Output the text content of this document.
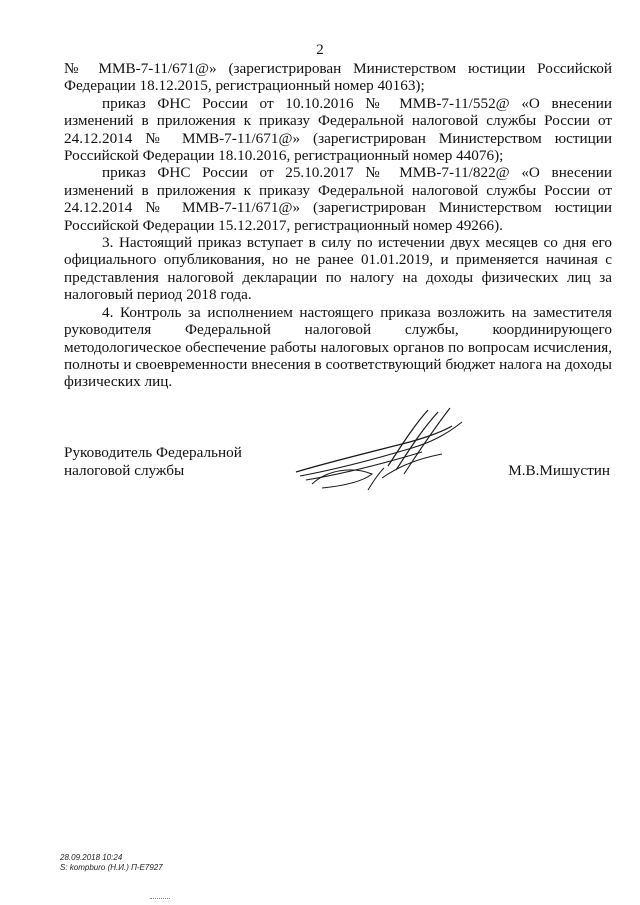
2

№ ММВ-7-11/671@» (зарегистрирован Министерством юстиции Российской Федерации 18.12.2015, регистрационный номер 40163);

приказ ФНС России от 10.10.2016 № ММВ-7-11/552@ «О внесении изменений в приложения к приказу Федеральной налоговой службы России от 24.12.2014 № ММВ-7-11/671@» (зарегистрирован Министерством юстиции Российской Федерации 18.10.2016, регистрационный номер 44076);

приказ ФНС России от 25.10.2017 № ММВ-7-11/822@ «О внесении изменений в приложения к приказу Федеральной налоговой службы России от 24.12.2014 № ММВ-7-11/671@» (зарегистрирован Министерством юстиции Российской Федерации 15.12.2017, регистрационный номер 49266).

3. Настоящий приказ вступает в силу по истечении двух месяцев со дня его официального опубликования, но не ранее 01.01.2019, и применяется начиная с представления налоговой декларации по налогу на доходы физических лиц за налоговый период 2018 года.

4. Контроль за исполнением настоящего приказа возложить на заместителя руководителя Федеральной налоговой службы, координирующего методологическое обеспечение работы налоговых органов по вопросам исчисления, полноты и своевременности внесения в соответствующий бюджет налога на доходы физических лиц.

Руководитель Федеральной
налоговой службы	М.В.Мишустин
28.09.2018 10:24
S: kompburo (Н.И.) П-Е7927
